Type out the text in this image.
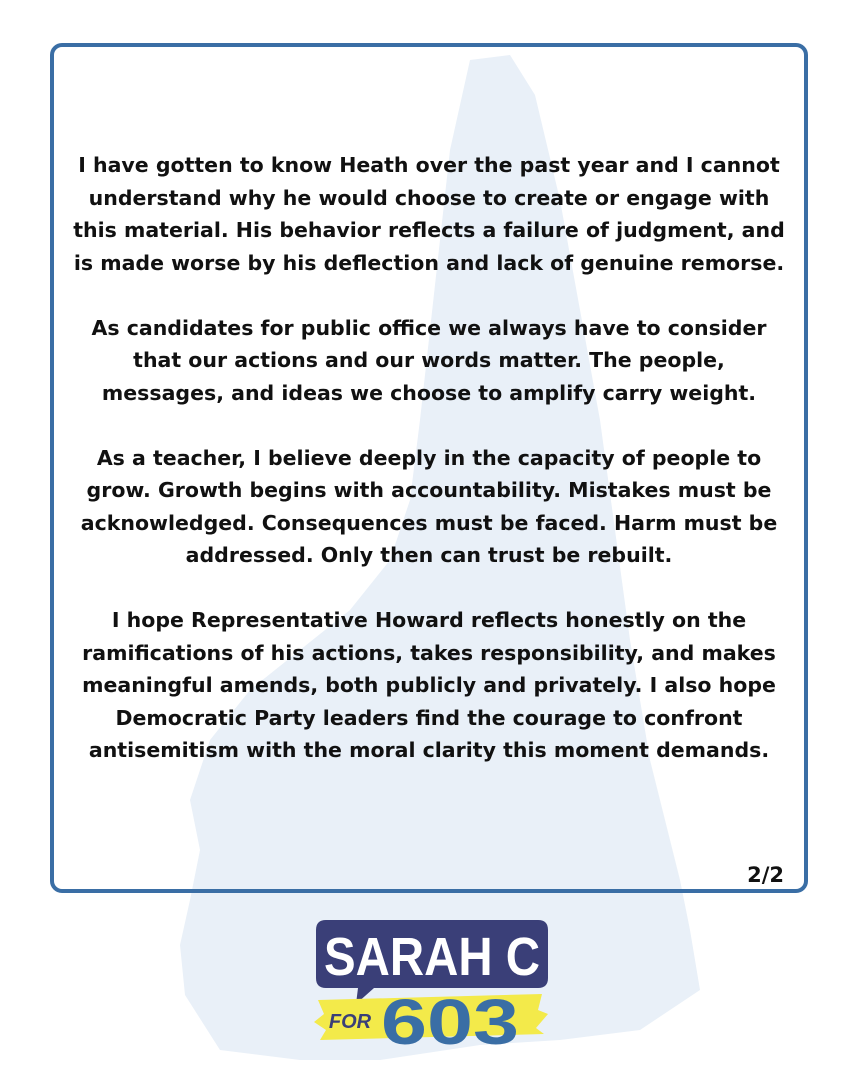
I have gotten to know Heath over the past year and I cannot understand why he would choose to create or engage with this material. His behavior reflects a failure of judgment, and is made worse by his deflection and lack of genuine remorse.

As candidates for public office we always have to consider that our actions and our words matter. The people, messages, and ideas we choose to amplify carry weight.

As a teacher, I believe deeply in the capacity of people to grow. Growth begins with accountability. Mistakes must be acknowledged. Consequences must be faced. Harm must be addressed. Only then can trust be rebuilt.

I hope Representative Howard reflects honestly on the ramifications of his actions, takes responsibility, and makes meaningful amends, both publicly and privately. I also hope Democratic Party leaders find the courage to confront antisemitism with the moral clarity this moment demands.

2/2
SARAH C
FOR 603
